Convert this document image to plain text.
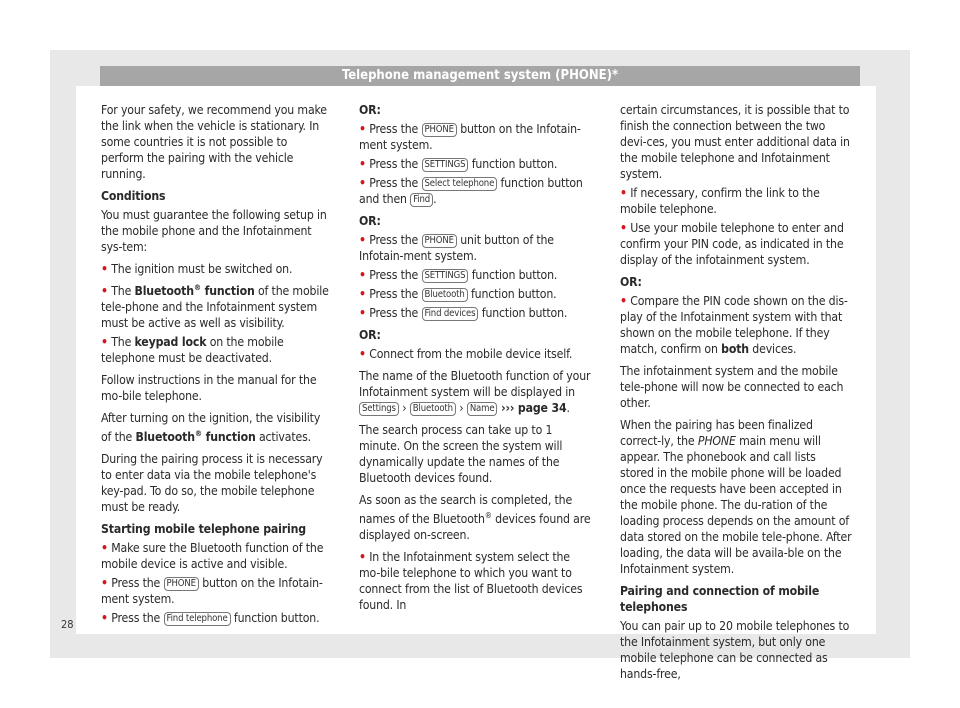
Telephone management system (PHONE)*

For your safety, we recommend you make the link when the vehicle is stationary. In some countries it is not possible to perform the pairing with the vehicle running.

Conditions

You must guarantee the following setup in the mobile phone and the Infotainment sys-tem:

• The ignition must be switched on.

• The Bluetooth® function of the mobile tele-phone and the Infotainment system must be active as well as visibility.

• The keypad lock on the mobile telephone must be deactivated.

Follow instructions in the manual for the mo-bile telephone.

After turning on the ignition, the visibility of the Bluetooth® function activates.

During the pairing process it is necessary to enter data via the mobile telephone's key-pad. To do so, the mobile telephone must be ready.

Starting mobile telephone pairing

• Make sure the Bluetooth function of the mobile device is active and visible.

• Press the PHONE button on the Infotain-ment system.

• Press the Find telephone function button.

OR:

• Press the PHONE button on the Infotain-ment system.

• Press the SETTINGS function button.

• Press the Select telephone function button and then Find .

OR:

• Press the PHONE unit button of the Infotain-ment system.

• Press the SETTINGS function button.

• Press the Bluetooth function button.

• Press the Find devices function button.

OR:

• Connect from the mobile device itself.

The name of the Bluetooth function of your Infotainment system will be displayed in Settings › Bluetooth › Name ››› page 34.

The search process can take up to 1 minute. On the screen the system will dynamically update the names of the Bluetooth devices found.

As soon as the search is completed, the names of the Bluetooth® devices found are displayed on-screen.

• In the Infotainment system select the mo-bile telephone to which you want to connect from the list of Bluetooth devices found. In

certain circumstances, it is possible that to finish the connection between the two devi-ces, you must enter additional data in the mobile telephone and Infotainment system.

• If necessary, confirm the link to the mobile telephone.

• Use your mobile telephone to enter and confirm your PIN code, as indicated in the display of the infotainment system.

OR:

• Compare the PIN code shown on the dis-play of the Infotainment system with that shown on the mobile telephone. If they match, confirm on both devices.

The infotainment system and the mobile tele-phone will now be connected to each other.

When the pairing has been finalized correct-ly, the PHONE main menu will appear. The phonebook and call lists stored in the mobile phone will be loaded once the requests have been accepted in the mobile phone. The du-ration of the loading process depends on the amount of data stored on the mobile tele-phone. After loading, the data will be availa-ble on the Infotainment system.

Pairing and connection of mobile telephones

You can pair up to 20 mobile telephones to the Infotainment system, but only one mobile telephone can be connected as hands-free,

28
